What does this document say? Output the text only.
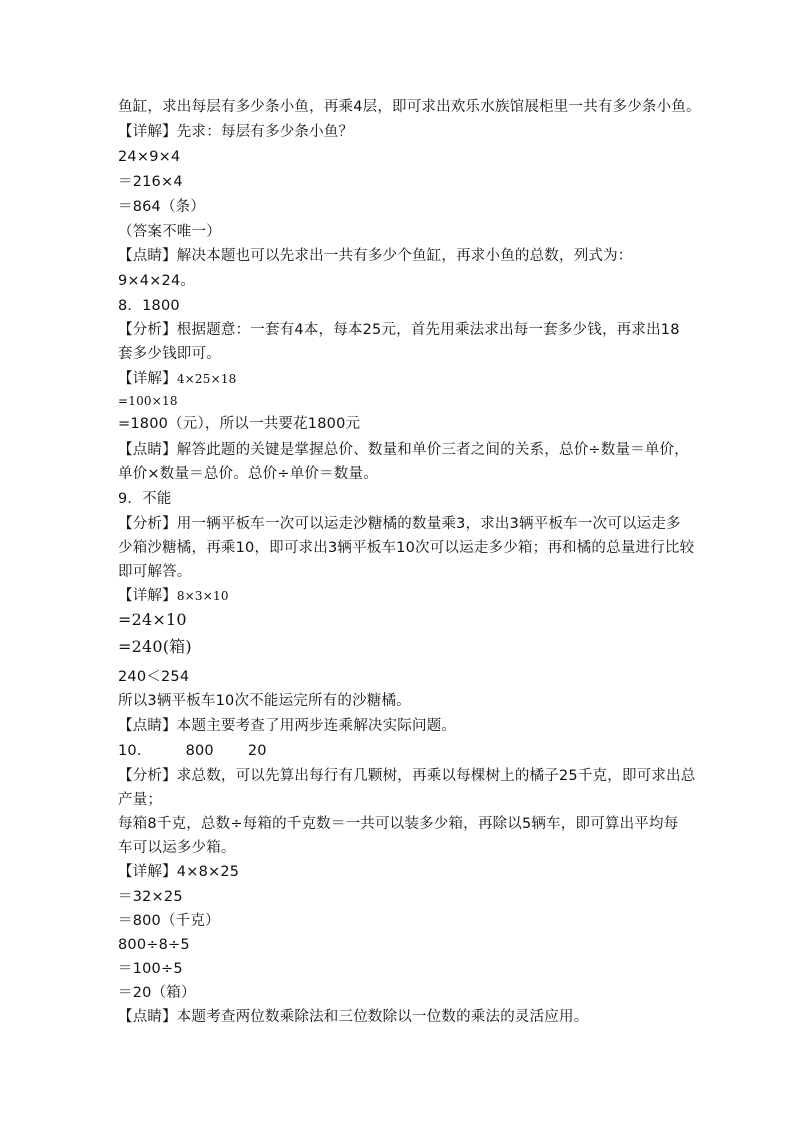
鱼缸，求出每层有多少条小鱼，再乘4层，即可求出欢乐水族馆展柜里一共有多少条小鱼。
【详解】先求：每层有多少条小鱼？
24×9×4
＝216×4
＝864（条）
（答案不唯一）
【点睛】解决本题也可以先求出一共有多少个鱼缸，再求小鱼的总数，列式为：
9×4×24。
8．1800
【分析】根据题意：一套有4本，每本25元，首先用乘法求出每一套多少钱，再求出18
套多少钱即可。
【详解】4×25×18
=100×18
=1800（元），所以一共要花1800元
【点睛】解答此题的关键是掌握总价、数量和单价三者之间的关系，总价÷数量＝单价，
单价×数量＝总价。总价÷单价＝数量。
9．不能
【分析】用一辆平板车一次可以运走沙糖橘的数量乘3，求出3辆平板车一次可以运走多
少箱沙糖橘，再乘10，即可求出3辆平板车10次可以运走多少箱；再和橘的总量进行比较
即可解答。
【详解】8×3×10
=24×10
=240(箱)
240＜254
所以3辆平板车10次不能运完所有的沙糖橘。
【点睛】本题主要考查了用两步连乘解决实际问题。
10． 800 20
【分析】求总数，可以先算出每行有几颗树，再乘以每棵树上的橘子25千克，即可求出总
产量；
每箱8千克，总数÷每箱的千克数＝一共可以装多少箱，再除以5辆车，即可算出平均每
车可以运多少箱。
【详解】4×8×25
＝32×25
＝800（千克）
800÷8÷5
＝100÷5
＝20（箱）
【点睛】本题考查两位数乘除法和三位数除以一位数的乘法的灵活应用。
